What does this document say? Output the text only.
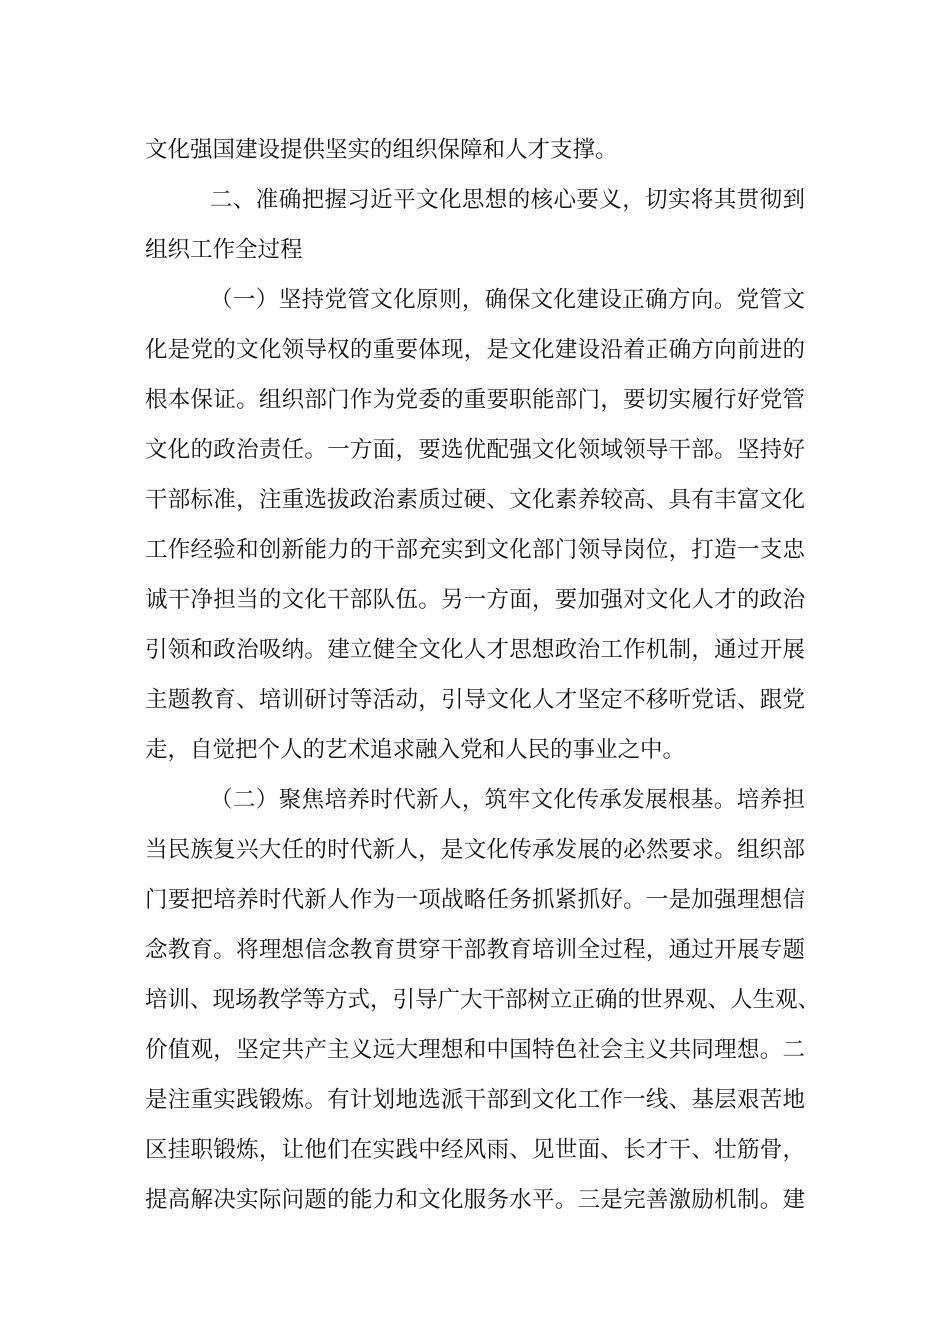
文化强国建设提供坚实的组织保障和人才支撑。
二、准确把握习近平文化思想的核心要义，切实将其贯彻到
组织工作全过程
（一）坚持党管文化原则，确保文化建设正确方向。党管文
化是党的文化领导权的重要体现，是文化建设沿着正确方向前进的
根本保证。组织部门作为党委的重要职能部门，要切实履行好党管
文化的政治责任。一方面，要选优配强文化领域领导干部。坚持好
干部标准，注重选拔政治素质过硬、文化素养较高、具有丰富文化
工作经验和创新能力的干部充实到文化部门领导岗位，打造一支忠
诚干净担当的文化干部队伍。另一方面，要加强对文化人才的政治
引领和政治吸纳。建立健全文化人才思想政治工作机制，通过开展
主题教育、培训研讨等活动，引导文化人才坚定不移听党话、跟党
走，自觉把个人的艺术追求融入党和人民的事业之中。
（二）聚焦培养时代新人，筑牢文化传承发展根基。培养担
当民族复兴大任的时代新人，是文化传承发展的必然要求。组织部
门要把培养时代新人作为一项战略任务抓紧抓好。一是加强理想信
念教育。将理想信念教育贯穿干部教育培训全过程，通过开展专题
培训、现场教学等方式，引导广大干部树立正确的世界观、人生观、
价值观，坚定共产主义远大理想和中国特色社会主义共同理想。二
是注重实践锻炼。有计划地选派干部到文化工作一线、基层艰苦地
区挂职锻炼，让他们在实践中经风雨、见世面、长才干、壮筋骨，
提高解决实际问题的能力和文化服务水平。三是完善激励机制。建
